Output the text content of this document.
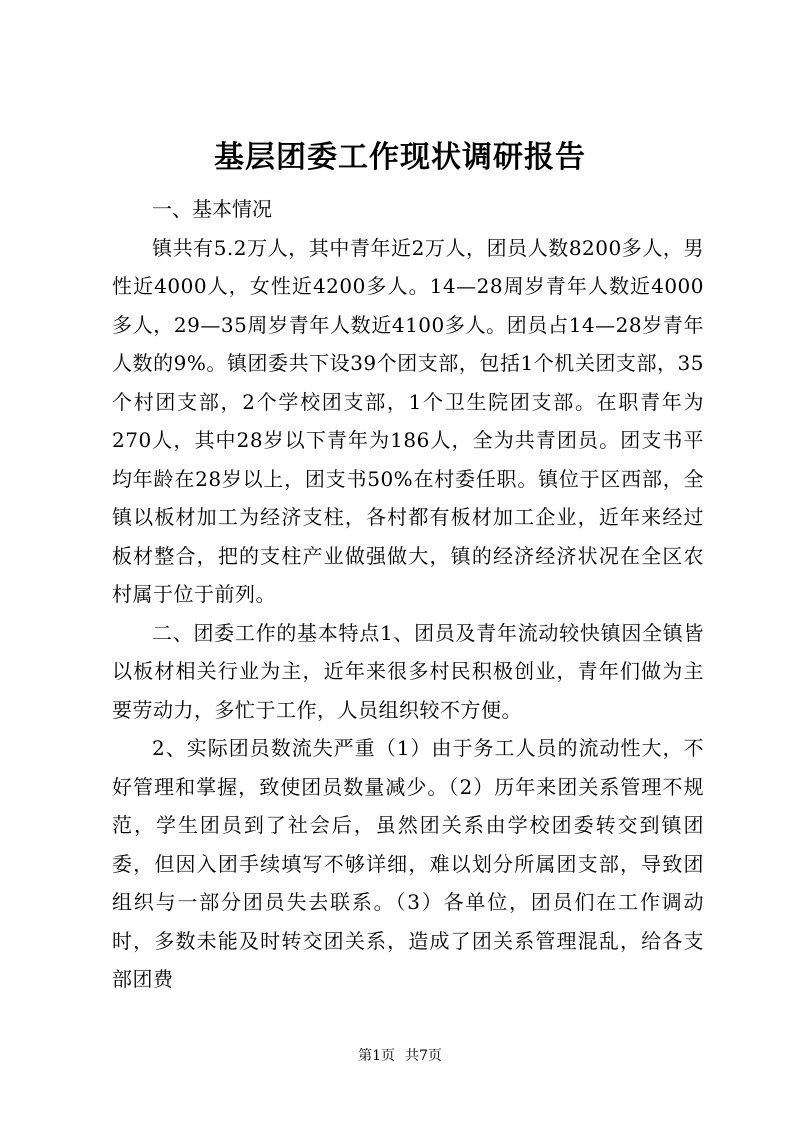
基层团委工作现状调研报告

一、基本情况

镇共有5.2万人，其中青年近2万人，团员人数8200多人，男性近4000人，女性近4200多人。14—28周岁青年人数近4000多人，29—35周岁青年人数近4100多人。团员占14—28岁青年人数的9%。镇团委共下设39个团支部，包括1个机关团支部，35个村团支部，2个学校团支部，1个卫生院团支部。在职青年为270人，其中28岁以下青年为186人，全为共青团员。团支书平均年龄在28岁以上，团支书50%在村委任职。镇位于区西部，全镇以板材加工为经济支柱，各村都有板材加工企业，近年来经过板材整合，把的支柱产业做强做大，镇的经济经济状况在全区农村属于位于前列。

二、团委工作的基本特点1、团员及青年流动较快镇因全镇皆以板材相关行业为主，近年来很多村民积极创业，青年们做为主要劳动力，多忙于工作，人员组织较不方便。

2、实际团员数流失严重（1）由于务工人员的流动性大，不好管理和掌握，致使团员数量减少。（2）历年来团关系管理不规范，学生团员到了社会后，虽然团关系由学校团委转交到镇团委，但因入团手续填写不够详细，难以划分所属团支部，导致团组织与一部分团员失去联系。（3）各单位，团员们在工作调动时，多数未能及时转交团关系，造成了团关系管理混乱，给各支部团费

第1页 共7页
